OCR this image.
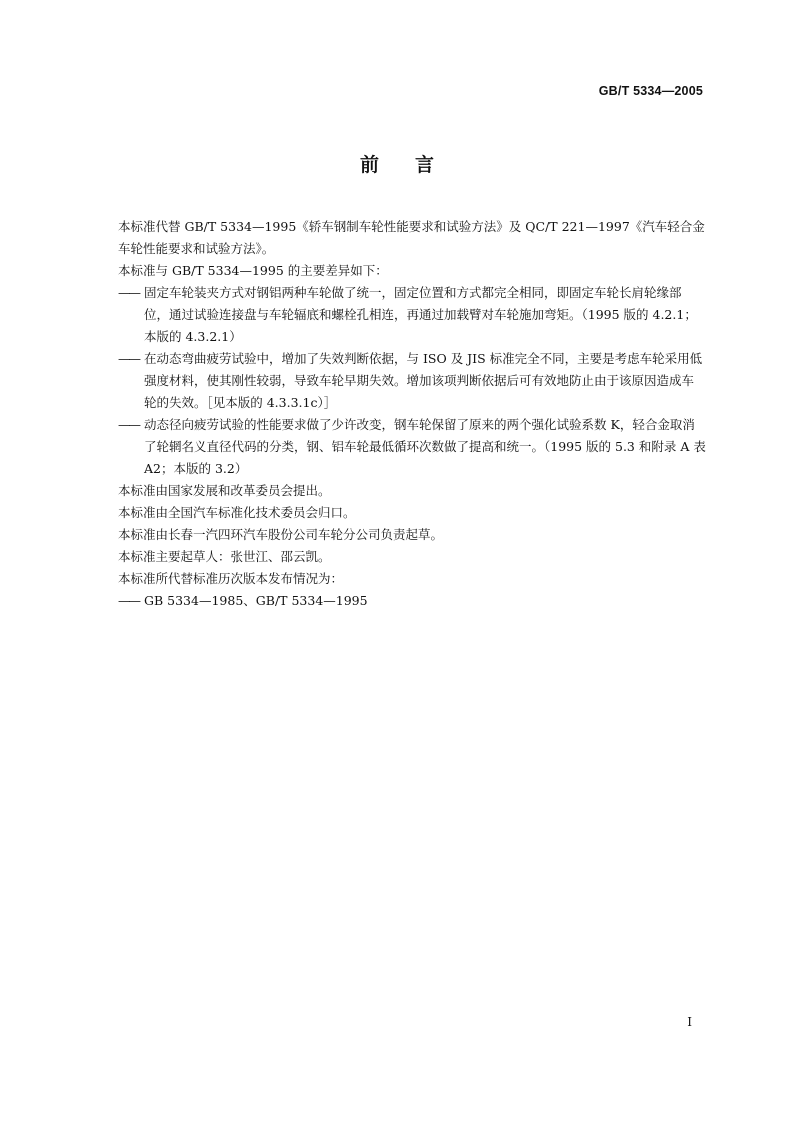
GB/T 5334—2005
前言

本标准代替 GB/T 5334—1995《轿车钢制车轮性能要求和试验方法》及 QC/T 221—1997《汽车轻合金车轮性能要求和试验方法》。

本标准与 GB/T 5334—1995 的主要差异如下：

—— 固定车轮装夹方式对钢铝两种车轮做了统一，固定位置和方式都完全相同，即固定车轮长肩轮缘部位，通过试验连接盘与车轮辐底和螺栓孔相连，再通过加载臂对车轮施加弯矩。（1995 版的 4.2.1；本版的 4.3.2.1）
—— 在动态弯曲疲劳试验中，增加了失效判断依据，与 ISO 及 JIS 标准完全不同，主要是考虑车轮采用低强度材料，使其刚性较弱，导致车轮早期失效。增加该项判断依据后可有效地防止由于该原因造成车轮的失效。［见本版的 4.3.3.1c）］
—— 动态径向疲劳试验的性能要求做了少许改变，钢车轮保留了原来的两个强化试验系数 K，轻合金取消了轮辋名义直径代码的分类，钢、铝车轮最低循环次数做了提高和统一。（1995 版的 5.3 和附录 A 表 A2；本版的 3.2）

本标准由国家发展和改革委员会提出。

本标准由全国汽车标准化技术委员会归口。

本标准由长春一汽四环汽车股份公司车轮分公司负责起草。

本标准主要起草人：张世江、邵云凯。

本标准所代替标准历次版本发布情况为：

—— GB 5334—1985、GB/T 5334—1995
I
